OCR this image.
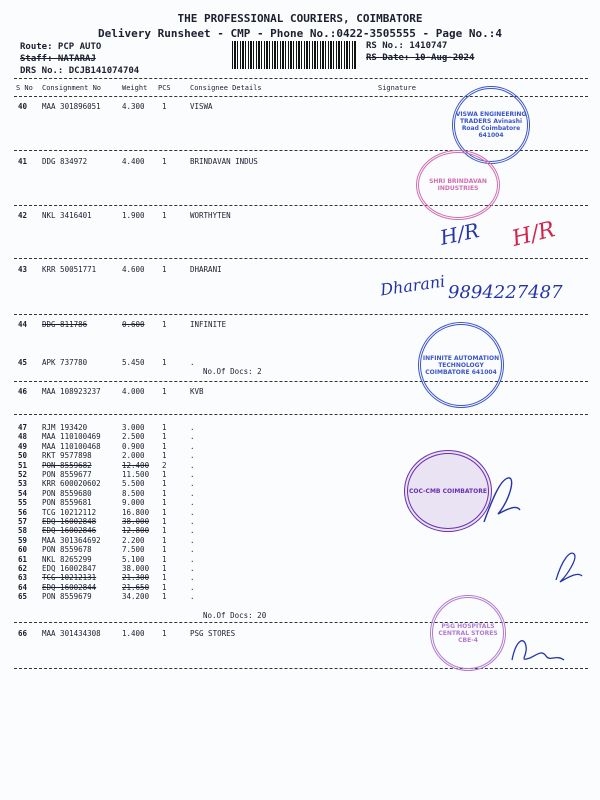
THE PROFESSIONAL COURIERS, COIMBATORE
Delivery Runsheet - CMP - Phone No.:0422-3505555 - Page No.:4
Route: PCP AUTO
Staff: NATARAJ
DRS No.: DCJB141074704
RS No.: 1410747
RS Date: 10-Aug-2024
S No Consignment No	Weight PCS	Consignee Details	Signature
40 MAA 301896051	4.300 1	VISWA
41 DDG 834972	4.400 1	BRINDAVAN INDUS
42 NKL 3416401	1.900 1	WORTHYTEN
43 KRR 50051771	4.600 1	DHARANI
44 DDG 811786	0.600 1	INFINITE
45 APK 737780	5.450 1	.
No.Of Docs: 2
46 MAA 108923237	4.000 1	KVB
47 RJM 193420	3.000 1	.
48 MAA 110100469	2.500 1	.
49 MAA 110100468	0.900 1	.
50 RKT 9577898	2.000 1	.
51 PON 8559682	12.400 2	.
52 PON 8559677	11.500 1	.
53 KRR 600020602	5.500 1	.
54 PON 8559680	8.500 1	.
55 PON 8559681	9.000 1	.
56 TCG 10212112	16.800 1	.
57 EDQ 16002848	38.000 1	.
58 EDQ 16002846	12.800 1	.
59 MAA 301364692	2.200 1	.
60 PON 8559678	7.500 1	.
61 NKL 8265299	5.100 1	.
62 EDQ 16002847	38.000 1	.
63 TCG 10212131	21.300 1	.
64 EDQ 16002844	21.650 1	.
65 PON 8559679	34.200 1	.
No.Of Docs: 20
66 MAA 301434308	1.400 1	PSG STORES
VISWA ENGINEERING TRADERS Avinashi Road Coimbatore 641004
SHRI BRINDAVAN INDUSTRIES
INFINITE AUTOMATION TECHNOLOGY COIMBATORE 641004
COC-CMB COIMBATORE
PSG HOSPITALS CENTRAL STORES CBE-4
H/R H/R
Dharani 9894227487
